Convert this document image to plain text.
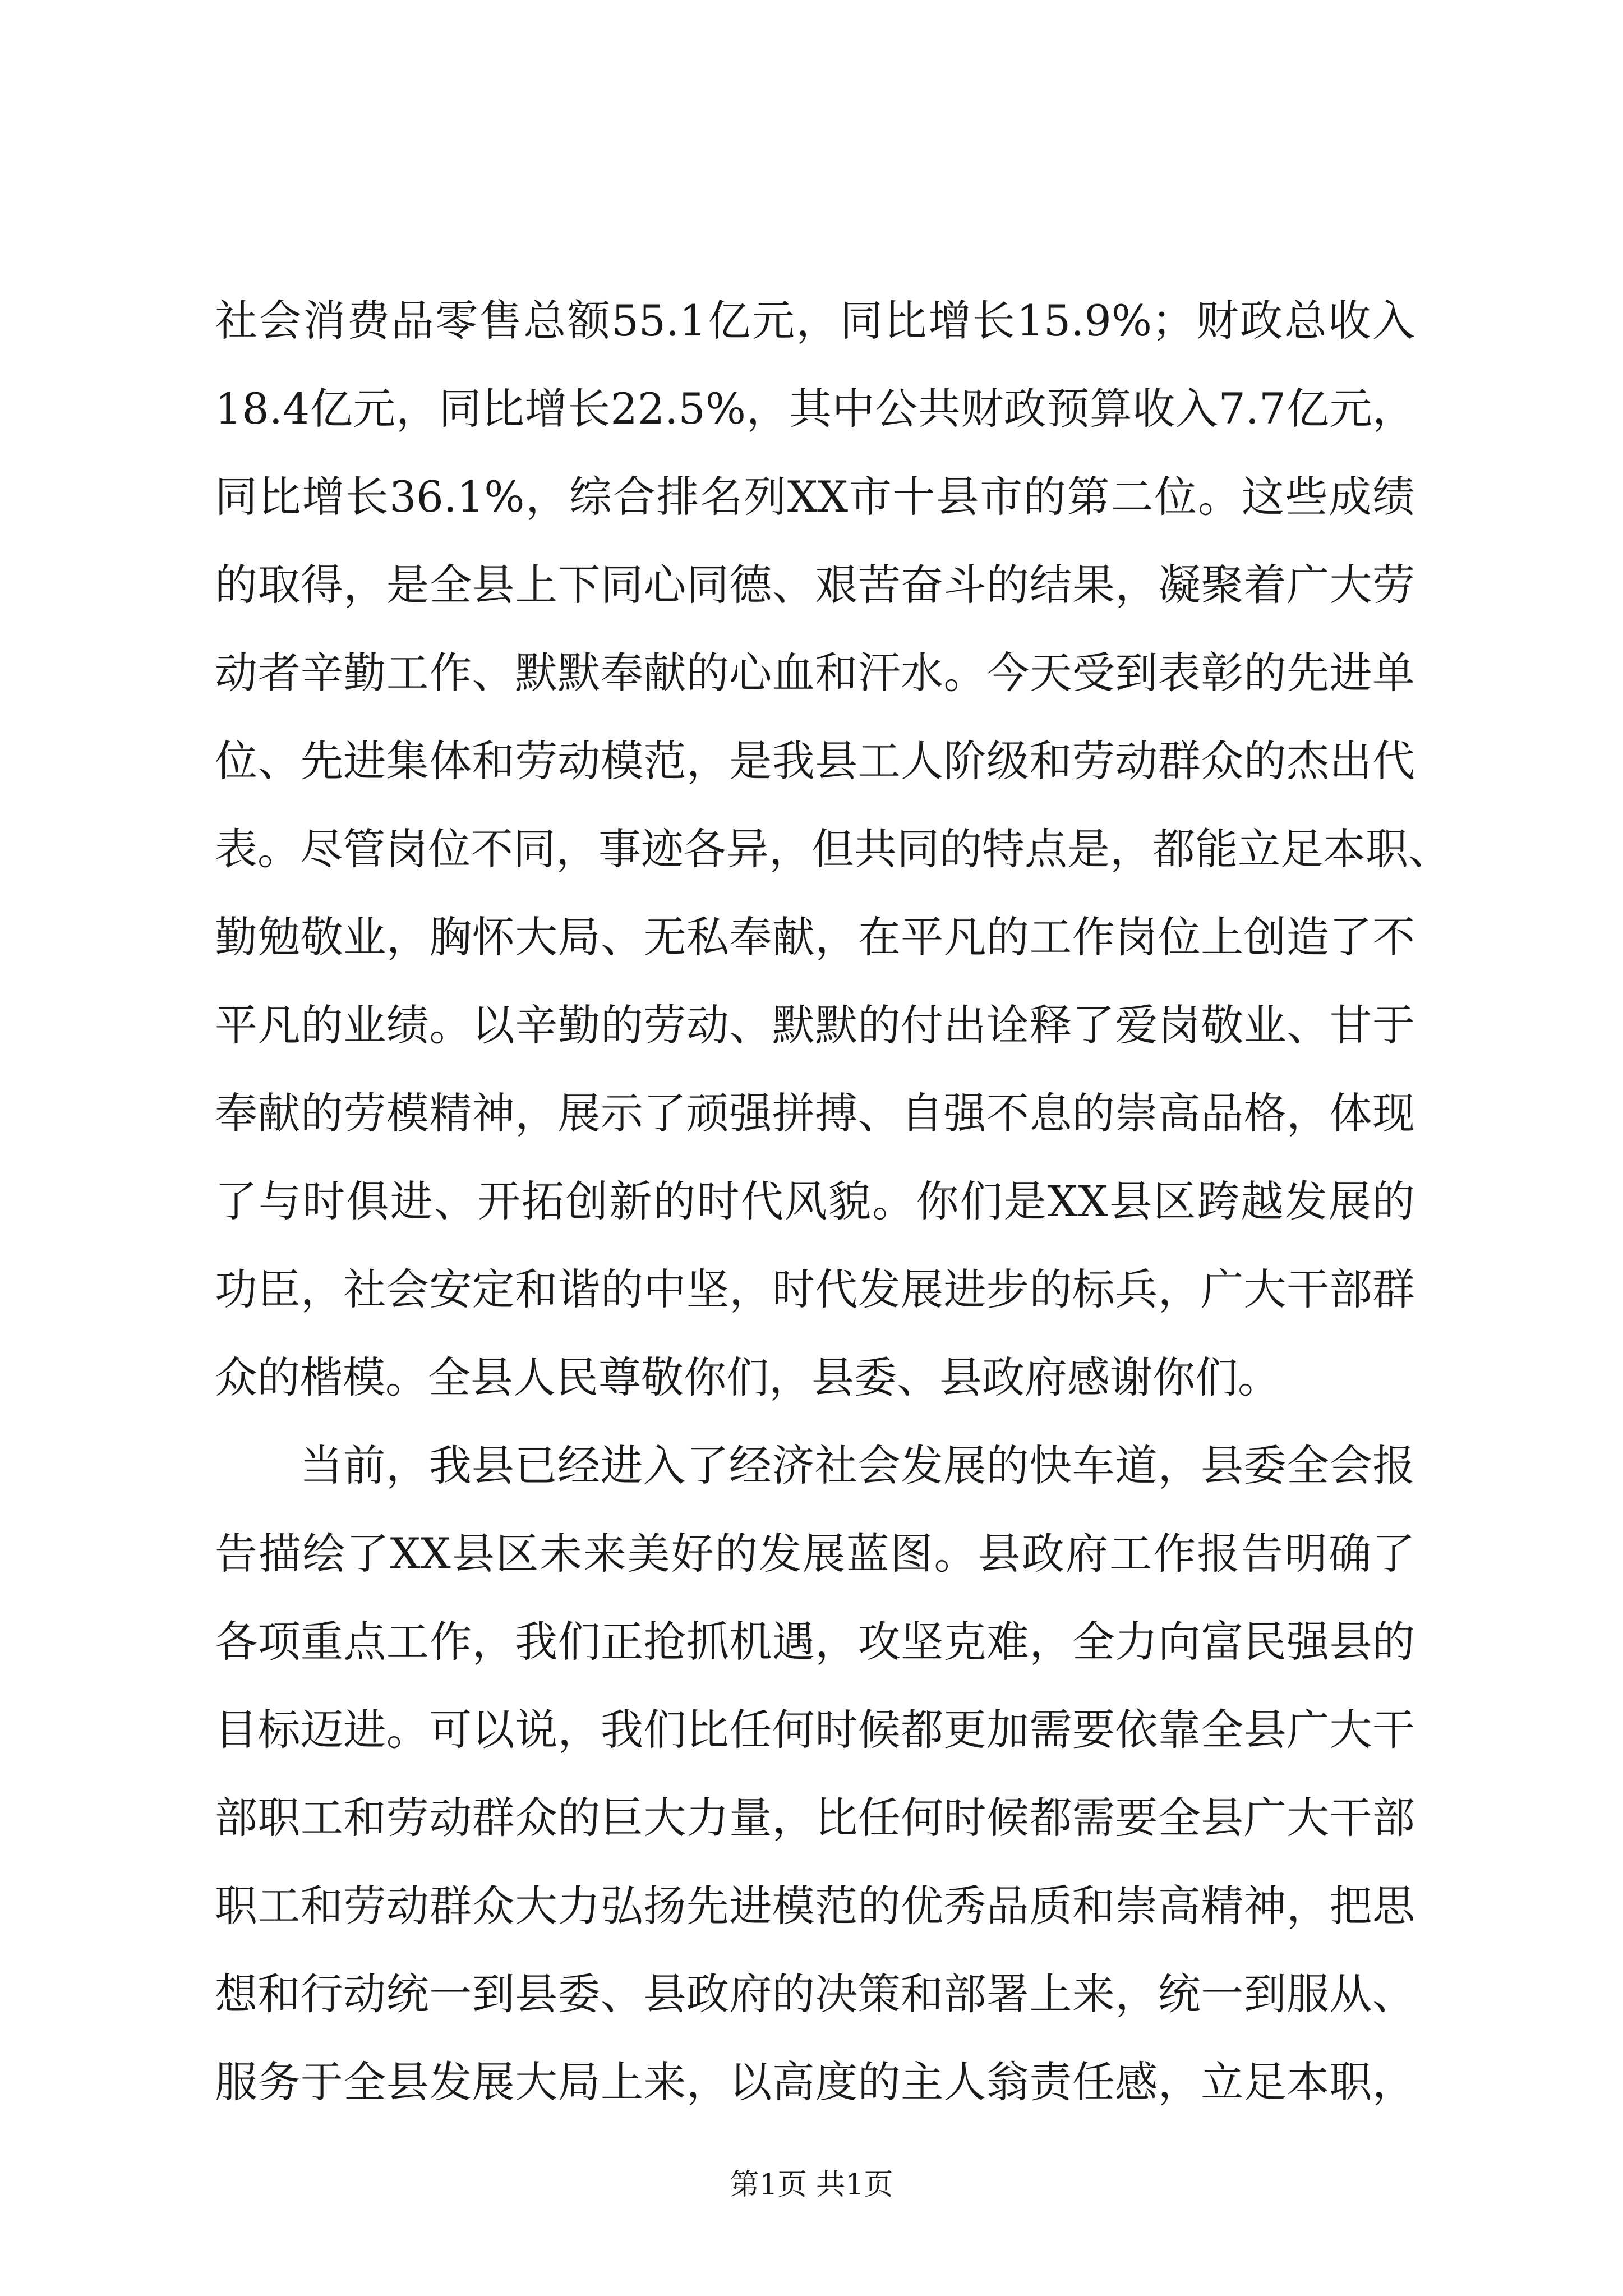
社会消费品零售总额55.1亿元，同比增长15.9%；财政总收入
18.4亿元，同比增长22.5%，其中公共财政预算收入7.7亿元，
同比增长36.1%，综合排名列XX市十县市的第二位。这些成绩
的取得，是全县上下同心同德、艰苦奋斗的结果，凝聚着广大劳
动者辛勤工作、默默奉献的心血和汗水。今天受到表彰的先进单
位、先进集体和劳动模范，是我县工人阶级和劳动群众的杰出代
表。尽管岗位不同，事迹各异，但共同的特点是，都能立足本职、
勤勉敬业，胸怀大局、无私奉献，在平凡的工作岗位上创造了不
平凡的业绩。以辛勤的劳动、默默的付出诠释了爱岗敬业、甘于
奉献的劳模精神，展示了顽强拼搏、自强不息的崇高品格，体现
了与时俱进、开拓创新的时代风貌。你们是XX县区跨越发展的
功臣，社会安定和谐的中坚，时代发展进步的标兵，广大干部群
众的楷模。全县人民尊敬你们，县委、县政府感谢你们。
当前，我县已经进入了经济社会发展的快车道，县委全会报
告描绘了XX县区未来美好的发展蓝图。县政府工作报告明确了
各项重点工作，我们正抢抓机遇，攻坚克难，全力向富民强县的
目标迈进。可以说，我们比任何时候都更加需要依靠全县广大干
部职工和劳动群众的巨大力量，比任何时候都需要全县广大干部
职工和劳动群众大力弘扬先进模范的优秀品质和崇高精神，把思
想和行动统一到县委、县政府的决策和部署上来，统一到服从、
服务于全县发展大局上来，以高度的主人翁责任感，立足本职，
第1页 共1页
